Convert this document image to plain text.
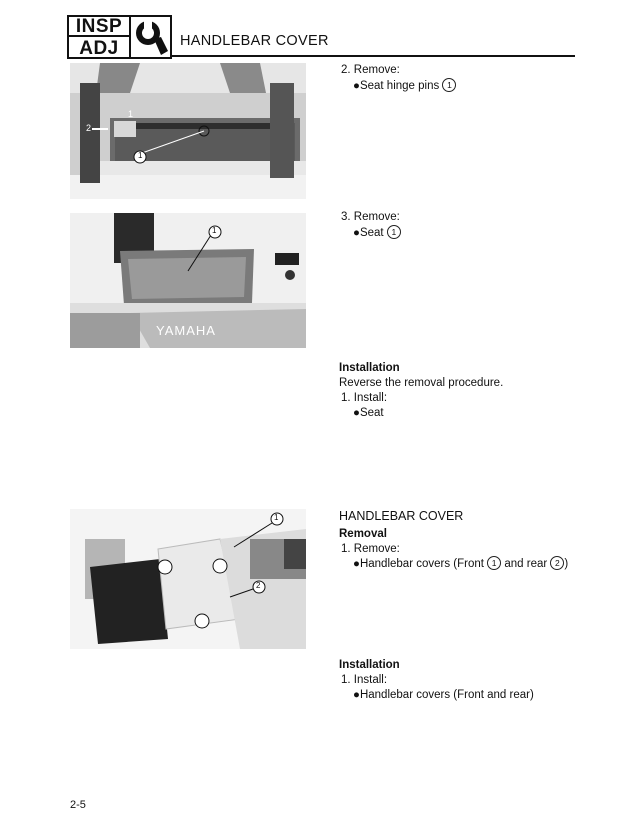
INSP
ADJ	HANDLEBAR COVER
1
1
2
1
YAMAHA
1
2
2. Remove:
●Seat hinge pins 1
3. Remove:
●Seat 1
Installation
Reverse the removal procedure.
1. Install:
●Seat
HANDLEBAR COVER
Removal
1. Remove:
●Handlebar covers (Front 1 and rear 2 )
Installation
1. Install:
●Handlebar covers (Front and rear)
2-5
